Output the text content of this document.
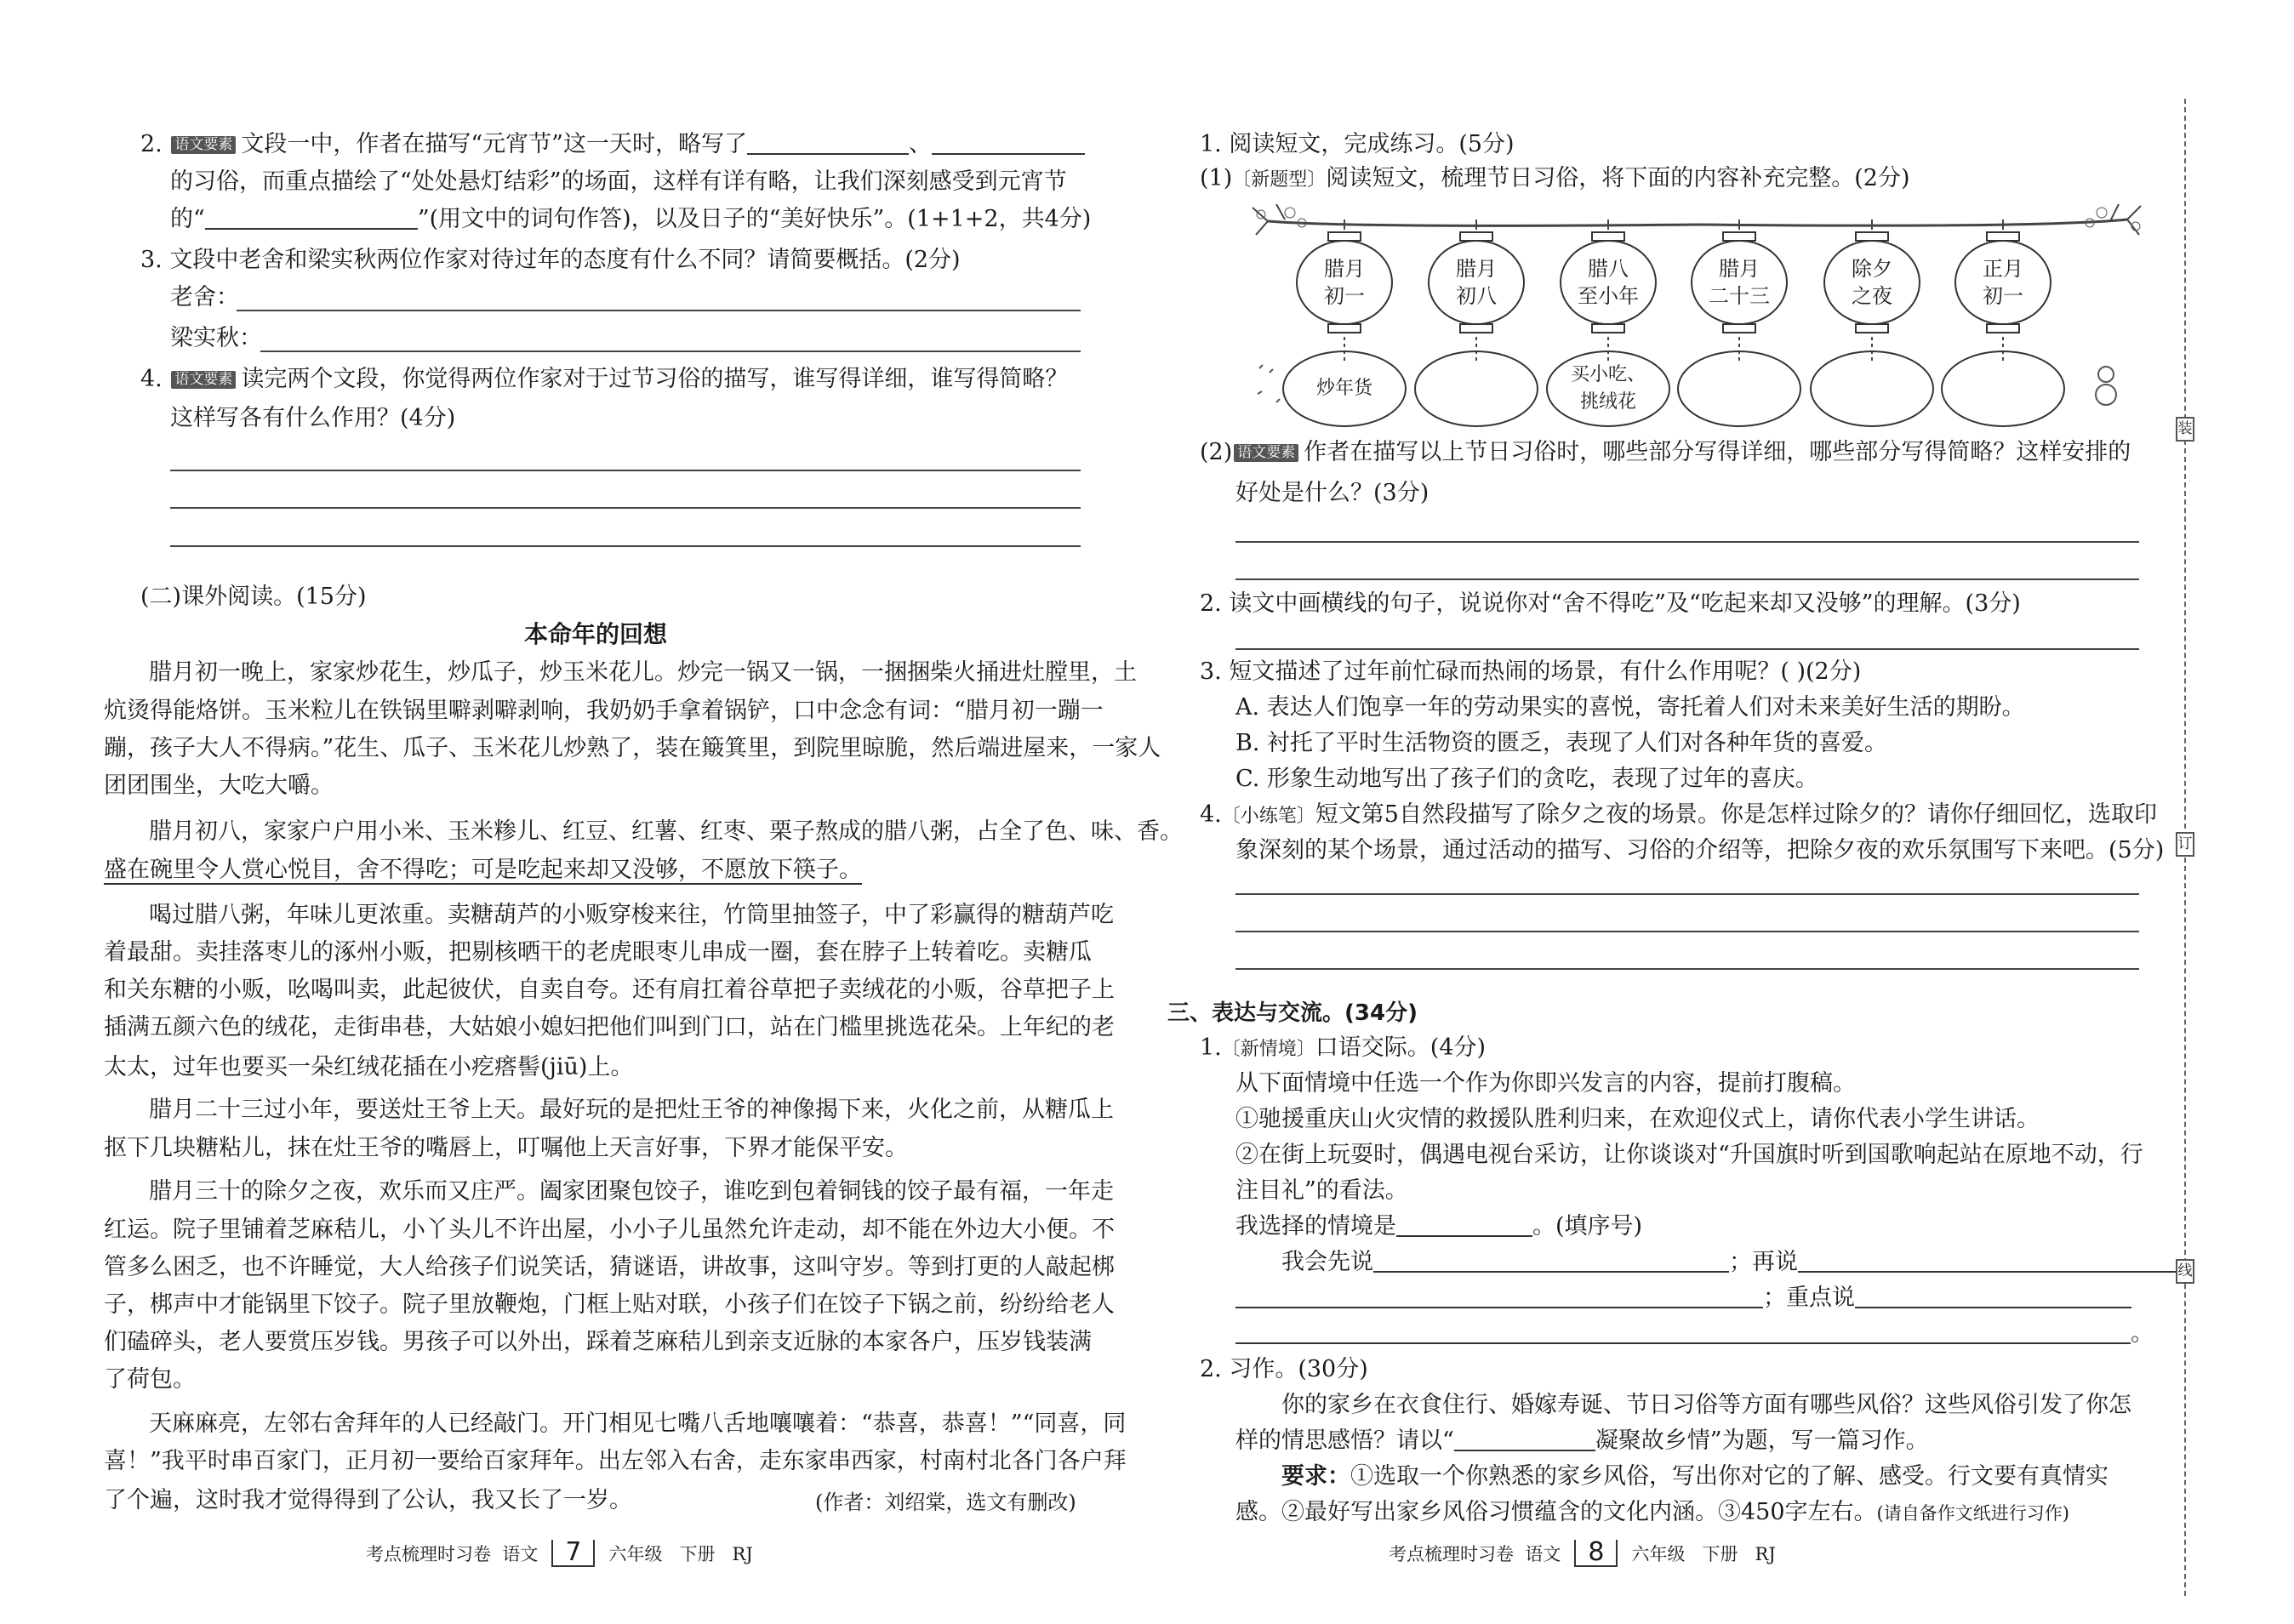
2. 语文要素 文段一中，作者在描写“元宵节”这一天时，略写了	、
的习俗，而重点描绘了“处处悬灯结彩”的场面，这样有详有略，让我们深刻感受到元宵节
的“	”(用文中的词句作答)，以及日子的“美好快乐”。(1+1+2，共4分)
3. 文段中老舍和梁实秋两位作家对待过年的态度有什么不同？请简要概括。(2分)
老舍：
梁实秋：
4. 语文要素 读完两个文段，你觉得两位作家对于过节习俗的描写，谁写得详细，谁写得简略？
这样写各有什么作用？(4分)
(二)课外阅读。(15分)
本命年的回想
腊月初一晚上，家家炒花生，炒瓜子，炒玉米花儿。炒完一锅又一锅，一捆捆柴火捅进灶膛里，土
炕烫得能烙饼。玉米粒儿在铁锅里噼剥噼剥响，我奶奶手拿着锅铲，口中念念有词：“腊月初一蹦一
蹦，孩子大人不得病。”花生、瓜子、玉米花儿炒熟了，装在簸箕里，到院里晾脆，然后端进屋来，一家人
团团围坐，大吃大嚼。
腊月初八，家家户户用小米、玉米糁儿、红豆、红薯、红枣、栗子熬成的腊八粥，占全了色、味、香。
盛在碗里令人赏心悦目，舍不得吃；可是吃起来却又没够，不愿放下筷子。
喝过腊八粥，年味儿更浓重。卖糖葫芦的小贩穿梭来往，竹筒里抽签子，中了彩赢得的糖葫芦吃
着最甜。卖挂落枣儿的涿州小贩，把剔核晒干的老虎眼枣儿串成一圈，套在脖子上转着吃。卖糖瓜
和关东糖的小贩，吆喝叫卖，此起彼伏，自卖自夸。还有肩扛着谷草把子卖绒花的小贩，谷草把子上
插满五颜六色的绒花，走街串巷，大姑娘小媳妇把他们叫到门口，站在门槛里挑选花朵。上年纪的老
太太，过年也要买一朵红绒花插在小疙瘩髻(jiū)上。
腊月二十三过小年，要送灶王爷上天。最好玩的是把灶王爷的神像揭下来，火化之前，从糖瓜上
抠下几块糖粘儿，抹在灶王爷的嘴唇上，叮嘱他上天言好事，下界才能保平安。
腊月三十的除夕之夜，欢乐而又庄严。阖家团聚包饺子，谁吃到包着铜钱的饺子最有福，一年走
红运。院子里铺着芝麻秸儿，小丫头儿不许出屋，小小子儿虽然允许走动，却不能在外边大小便。不
管多么困乏，也不许睡觉，大人给孩子们说笑话，猜谜语，讲故事，这叫守岁。等到打更的人敲起梆
子，梆声中才能锅里下饺子。院子里放鞭炮，门框上贴对联，小孩子们在饺子下锅之前，纷纷给老人
们磕碎头，老人要赏压岁钱。男孩子可以外出，踩着芝麻秸儿到亲支近脉的本家各户，压岁钱装满
了荷包。
天麻麻亮，左邻右舍拜年的人已经敲门。开门相见七嘴八舌地嚷嚷着：“恭喜，恭喜！”“同喜，同
喜！”我平时串百家门，正月初一要给百家拜年。出左邻入右舍，走东家串西家，村南村北各门各户拜
了个遍，这时我才觉得得到了公认，我又长了一岁。	(作者：刘绍棠，选文有删改)
考点梳理时习卷 语文 7 六年级 下册 RJ
1. 阅读短文，完成练习。(5分)
(1)〔新题型〕阅读短文，梳理节日习俗，将下面的内容补充完整。(2分)
腊月
初一
腊月
初八
腊八
至小年
腊月
二十三
除夕
之夜
正月
初一
炒年货
买小吃、
挑绒花
(2) 语文要素 作者在描写以上节日习俗时，哪些部分写得详细，哪些部分写得简略？这样安排的
好处是什么？(3分)
2. 读文中画横线的句子，说说你对“舍不得吃”及“吃起来却又没够”的理解。(3分)
3. 短文描述了过年前忙碌而热闹的场景，有什么作用呢？( )(2分)
A. 表达人们饱享一年的劳动果实的喜悦，寄托着人们对未来美好生活的期盼。
B. 衬托了平时生活物资的匮乏，表现了人们对各种年货的喜爱。
C. 形象生动地写出了孩子们的贪吃，表现了过年的喜庆。
4.〔小练笔〕短文第5自然段描写了除夕之夜的场景。你是怎样过除夕的？请你仔细回忆，选取印
象深刻的某个场景，通过活动的描写、习俗的介绍等，把除夕夜的欢乐氛围写下来吧。(5分)
三、表达与交流。(34分)
1.〔新情境〕口语交际。(4分)
从下面情境中任选一个作为你即兴发言的内容，提前打腹稿。
①驰援重庆山火灾情的救援队胜利归来，在欢迎仪式上，请你代表小学生讲话。
②在街上玩耍时，偶遇电视台采访，让你谈谈对“升国旗时听到国歌响起站在原地不动，行
注目礼”的看法。
我选择的情境是	。(填序号)
我会先说	；再说
；重点说
。
2. 习作。(30分)
你的家乡在衣食住行、婚嫁寿诞、节日习俗等方面有哪些风俗？这些风俗引发了你怎
样的情思感悟？请以“	凝聚故乡情”为题，写一篇习作。
要求：①选取一个你熟悉的家乡风俗，写出你对它的了解、感受。行文要有真情实
感。②最好写出家乡风俗习惯蕴含的文化内涵。③450字左右。(请自备作文纸进行习作)
考点梳理时习卷 语文 8 六年级 下册 RJ
装
订
线
